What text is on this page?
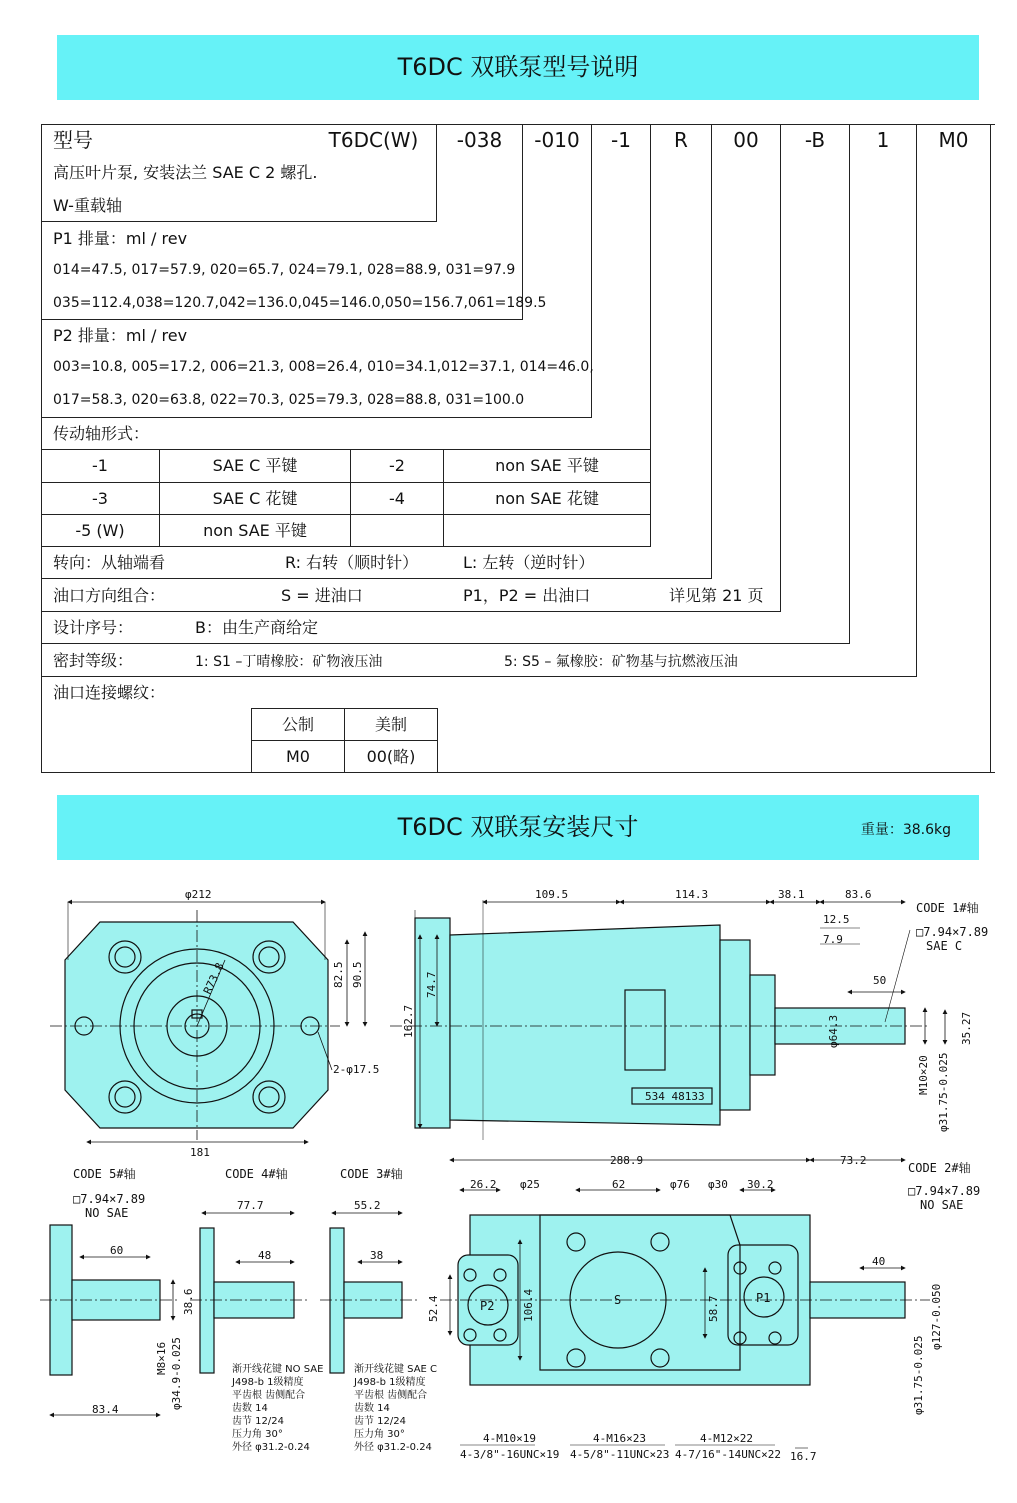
T6DC 双联泵型号说明
型号	T6DC(W)	-038	-010	-1	R	00	-B	1	M0
高压叶片泵, 安装法兰 SAE C 2 螺孔.
W-重载轴
P1 排量：ml / rev
014=47.5, 017=57.9, 020=65.7, 024=79.1, 028=88.9, 031=97.9
035=112.4,038=120.7,042=136.0,045=146.0,050=156.7,061=189.5
P2 排量：ml / rev
003=10.8, 005=17.2, 006=21.3, 008=26.4, 010=34.1,012=37.1, 014=46.0,
017=58.3, 020=63.8, 022=70.3, 025=79.3, 028=88.8, 031=100.0
传动轴形式：
-1	SAE C 平键	-2	non SAE 平键
-3	SAE C 花键	-4	non SAE 花键
-5 (W)	non SAE 平键
转向：从轴端看	R: 右转（顺时针）	L: 左转（逆时针）
油口方向组合：	S = 进油口	P1，P2 = 出油口	详见第 21 页
设计序号：	B：由生产商给定
密封等级：	1: S1 –丁晴橡胶：矿物液压油	5: S5 – 氟橡胶：矿物基与抗燃液压油
油口连接螺纹：
公制	美制
M0	00(略)
T6DC 双联泵安装尺寸	重量：38.6kg
φ212
181
R73.8	82.5 90.5
2-φ17.5
109.5	114.3	38.1	83.6
12.5
7.9
50
74.7
162.7	φ64.3	35.27
M10×20 φ31.75-0.025
534 48133
CODE 1#轴
□7.94×7.89
SAE C
CODE 5#轴
□7.94×7.89
NO SAE
60
83.4
38.6
M8×16 φ34.9-0.025
CODE 4#轴
77.7
48
渐开线花键 NO SAE
J498-b 1级精度
平齿根 齿侧配合
齿数 14
齿节 12/24
压力角 30°
外径 φ31.2-0.24
CODE 3#轴
55.2
38
渐开线花键 SAE C
J498-b 1级精度
平齿根 齿侧配合
齿数 14
齿节 12/24
压力角 30°
外径 φ31.2-0.24
288.9	73.2
26.2 φ25	62	φ76 φ30 30.2
40
52.4	106.4	58.7	φ127-0.050
φ31.75-0.025
P2	S	P1
16.7
4-M10×19
4-3/8"-16UNC×19
4-M16×23
4-5/8"-11UNC×23
4-M12×22
4-7/16"-14UNC×22
CODE 2#轴
□7.94×7.89
NO SAE
